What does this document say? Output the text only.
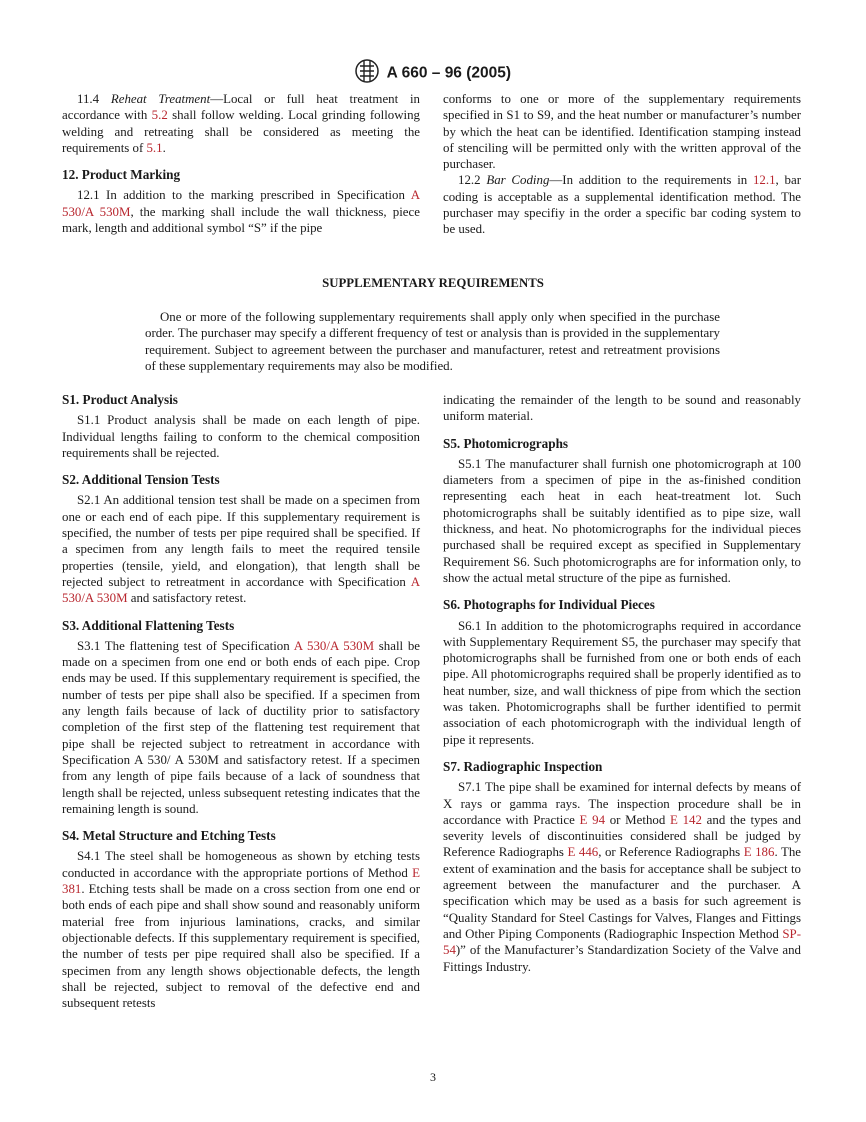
A 660 – 96 (2005)

11.4 Reheat Treatment—Local or full heat treatment in accordance with 5.2 shall follow welding. Local grinding following welding and retreating shall be considered as meeting the requirements of 5.1.

12. Product Marking

12.1 In addition to the marking prescribed in Specification A 530/A 530M, the marking shall include the wall thickness, piece mark, length and additional symbol “S” if the pipe

conforms to one or more of the supplementary requirements specified in S1 to S9, and the heat number or manufacturer’s number by which the heat can be identified. Identification stamping instead of stenciling will be permitted only with the written approval of the purchaser.

12.2 Bar Coding—In addition to the requirements in 12.1, bar coding is acceptable as a supplemental identification method. The purchaser may specifiy in the order a specific bar coding system to be used.

SUPPLEMENTARY REQUIREMENTS
One or more of the following supplementary requirements shall apply only when specified in the purchase order. The purchaser may specify a different frequency of test or analysis than is provided in the supplementary requirement. Subject to agreement between the purchaser and manufacturer, retest and retreatment provisions of these supplementary requirements may also be modified.
S1. Product Analysis

S1.1 Product analysis shall be made on each length of pipe. Individual lengths failing to conform to the chemical composition requirements shall be rejected.

S2. Additional Tension Tests

S2.1 An additional tension test shall be made on a specimen from one or each end of each pipe. If this supplementary requirement is specified, the number of tests per pipe required shall be specified. If a specimen from any length fails to meet the required tensile properties (tensile, yield, and elongation), that length shall be rejected subject to retreatment in accordance with Specification A 530/A 530M and satisfactory retest.

S3. Additional Flattening Tests

S3.1 The flattening test of Specification A 530/A 530M shall be made on a specimen from one end or both ends of each pipe. Crop ends may be used. If this supplementary requirement is specified, the number of tests per pipe shall also be specified. If a specimen from any length fails because of lack of ductility prior to satisfactory completion of the first step of the flattening test requirement that pipe shall be rejected subject to retreatment in accordance with Specification A 530/ A 530M and satisfactory retest. If a specimen from any length of pipe fails because of a lack of soundness that length shall be rejected, unless subsequent retesting indicates that the remaining length is sound.

S4. Metal Structure and Etching Tests

S4.1 The steel shall be homogeneous as shown by etching tests conducted in accordance with the appropriate portions of Method E 381. Etching tests shall be made on a cross section from one end or both ends of each pipe and shall show sound and reasonably uniform material free from injurious laminations, cracks, and similar objectionable defects. If this supplementary requirement is specified, the number of tests per pipe required shall also be specified. If a specimen from any length shows objectionable defects, the length shall be rejected, subject to removal of the defective end and subsequent retests

indicating the remainder of the length to be sound and reasonably uniform material.

S5. Photomicrographs

S5.1 The manufacturer shall furnish one photomicrograph at 100 diameters from a specimen of pipe in the as-finished condition representing each heat in each heat-treatment lot. Such photomicrographs shall be suitably identified as to pipe size, wall thickness, and heat. No photomicrographs for the individual pieces purchased shall be required except as specified in Supplementary Requirement S6. Such photomicrographs are for information only, to show the actual metal structure of the pipe as furnished.

S6. Photographs for Individual Pieces

S6.1 In addition to the photomicrographs required in accordance with Supplementary Requirement S5, the purchaser may specify that photomicrographs shall be furnished from one or both ends of each pipe. All photomicrographs required shall be properly identified as to heat number, size, and wall thickness of pipe from which the section was taken. Photomicrographs shall be further identified to permit association of each photomicrograph with the individual length of pipe it represents.

S7. Radiographic Inspection

S7.1 The pipe shall be examined for internal defects by means of X rays or gamma rays. The inspection procedure shall be in accordance with Practice E 94 or Method E 142 and the types and severity levels of discontinuities considered shall be judged by Reference Radiographs E 446, or Reference Radiographs E 186. The extent of examination and the basis for acceptance shall be subject to agreement between the manufacturer and the purchaser. A specification which may be used as a basis for such agreement is “Quality Standard for Steel Castings for Valves, Flanges and Fittings and Other Piping Components (Radiographic Inspection Method SP-54)” of the Manufacturer’s Standardization Society of the Valve and Fittings Industry.

3
